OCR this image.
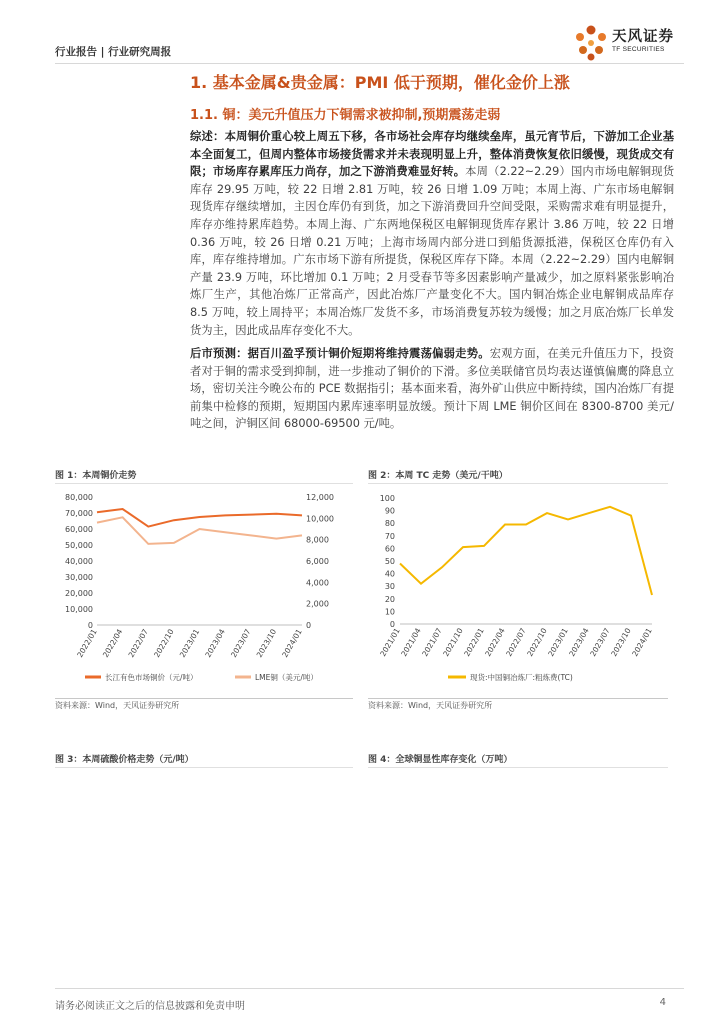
行业报告 | 行业研究周报
天风证券
TF SECURITIES
1. 基本金属&贵金属：PMI 低于预期，催化金价上涨
1.1. 铜：美元升值压力下铜需求被抑制,预期震荡走弱
综述：本周铜价重心较上周五下移，各市场社会库存均继续垒库，虽元宵节后，下游加工企业基本全面复工，但周内整体市场接货需求并未表现明显上升，整体消费恢复依旧缓慢，现货成交有限；市场库存累库压力尚存，加之下游消费难显好转。本周（2.22~2.29）国内市场电解铜现货库存 29.95 万吨，较 22 日增 2.81 万吨，较 26 日增 1.09 万吨；本周上海、广东市场电解铜现货库存继续增加，主因仓库仍有到货，加之下游消费回升空间受限，采购需求难有明显提升，库存亦维持累库趋势。本周上海、广东两地保税区电解铜现货库存累计 3.86 万吨，较 22 日增 0.36 万吨，较 26 日增 0.21 万吨；上海市场周内部分进口到船货源抵港，保税区仓库仍有入库，库存维持增加。广东市场下游有所提货，保税区库存下降。本周（2.22~2.29）国内电解铜产量 23.9 万吨，环比增加 0.1 万吨；2 月受春节等多因素影响产量减少，加之原料紧张影响冶炼厂生产，其他冶炼厂正常高产，因此冶炼厂产量变化不大。国内铜冶炼企业电解铜成品库存 8.5 万吨，较上周持平；本周冶炼厂发货不多，市场消费复苏较为缓慢；加之月底冶炼厂长单发货为主，因此成品库存变化不大。
后市预测：据百川盈孚预计铜价短期将维持震荡偏弱走势。宏观方面，在美元升值压力下，投资者对于铜的需求受到抑制，进一步推动了铜价的下滑。多位美联储官员均表达谨慎偏鹰的降息立场，密切关注今晚公布的 PCE 数据指引；基本面来看，海外矿山供应中断持续，国内冶炼厂有提前集中检修的预期，短期国内累库速率明显放缓。预计下周 LME 铜价区间在 8300-8700 美元/吨之间，沪铜区间 68000-69500 元/吨。
图 1：本周铜价走势
0
10,000
20,000
30,000
40,000
50,000
60,000
70,000
80,000
0
2,000
4,000
6,000
8,000
10,000
12,000
2022/01 2022/04 2022/07 2022/10 2023/01 2023/04 2023/07 2023/10 2024/01
长江有色市场铜价（元/吨）	LME铜（美元/吨）
资料来源：Wind，天风证券研究所
图 2：本周 TC 走势（美元/干吨）
0
10
20
30
40
50
60
70
80
90
100
2021/01
2021/04
2021/07
2021/10
2022/01
2022/04
2022/07
2022/10
2023/01
2023/04
2023/07
2023/10
2024/01
现货:中国铜冶炼厂:粗炼费(TC)
资料来源：Wind，天风证券研究所
图 3：本周硫酸价格走势（元/吨）	图 4：全球铜显性库存变化（万吨）
请务必阅读正文之后的信息披露和免责申明	4
